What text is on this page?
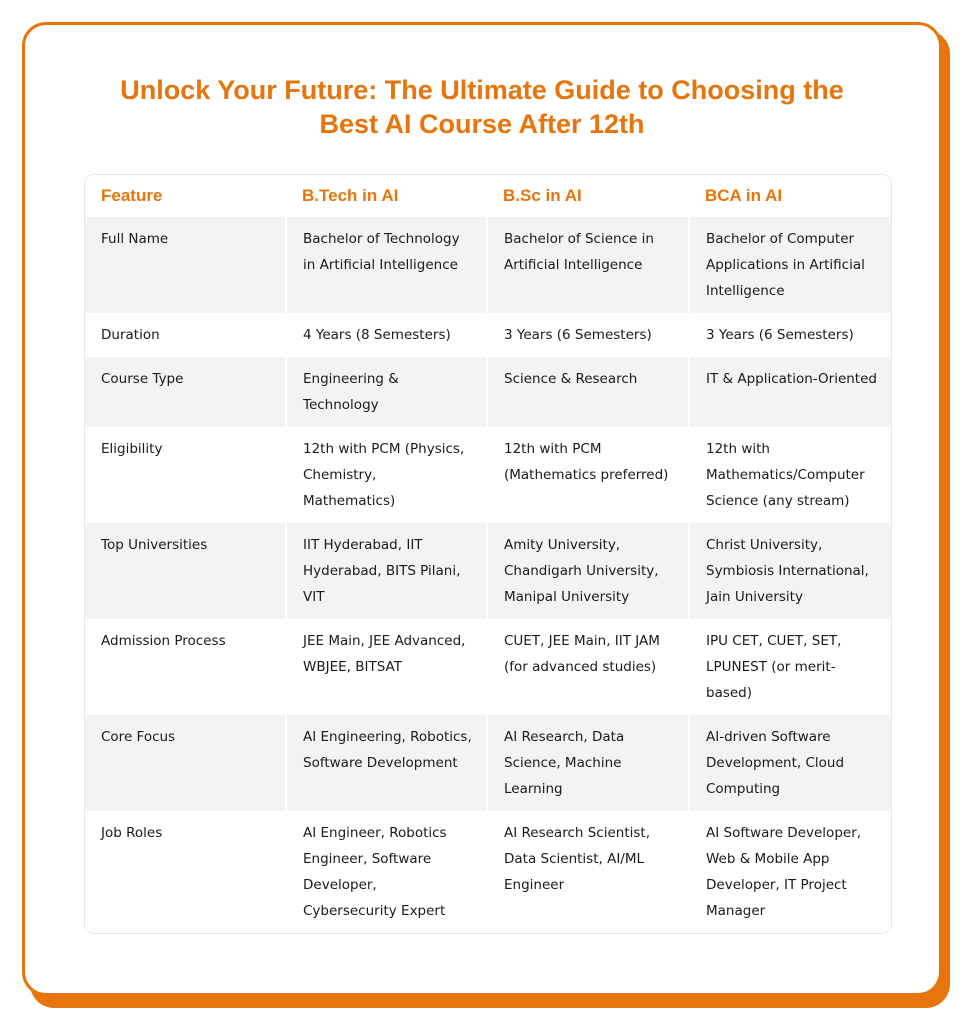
Unlock Your Future: The Ultimate Guide to Choosing the
Best AI Course After 12th
Feature	B.Tech in AI	B.Sc in AI	BCA in AI
Full Name	Bachelor of Technology in Artificial Intelligence	Bachelor of Science in Artificial Intelligence	Bachelor of Computer Applications in Artificial Intelligence
Duration	4 Years (8 Semesters)	3 Years (6 Semesters)	3 Years (6 Semesters)
Course Type	Engineering & Technology	Science & Research	IT & Application-Oriented
Eligibility	12th with PCM (Physics, Chemistry, Mathematics)	12th with PCM (Mathematics preferred)	12th with Mathematics/Computer Science (any stream)
Top Universities	IIT Hyderabad, IIT Hyderabad, BITS Pilani, VIT	Amity University, Chandigarh University, Manipal University	Christ University, Symbiosis International, Jain University
Admission Process	JEE Main, JEE Advanced, WBJEE, BITSAT	CUET, JEE Main, IIT JAM (for advanced studies)	IPU CET, CUET, SET, LPUNEST (or merit-based)
Core Focus	AI Engineering, Robotics, Software Development	AI Research, Data Science, Machine Learning	AI-driven Software Development, Cloud Computing
Job Roles	AI Engineer, Robotics Engineer, Software Developer, Cybersecurity Expert	AI Research Scientist, Data Scientist, AI/ML Engineer	AI Software Developer, Web & Mobile App Developer, IT Project Manager
